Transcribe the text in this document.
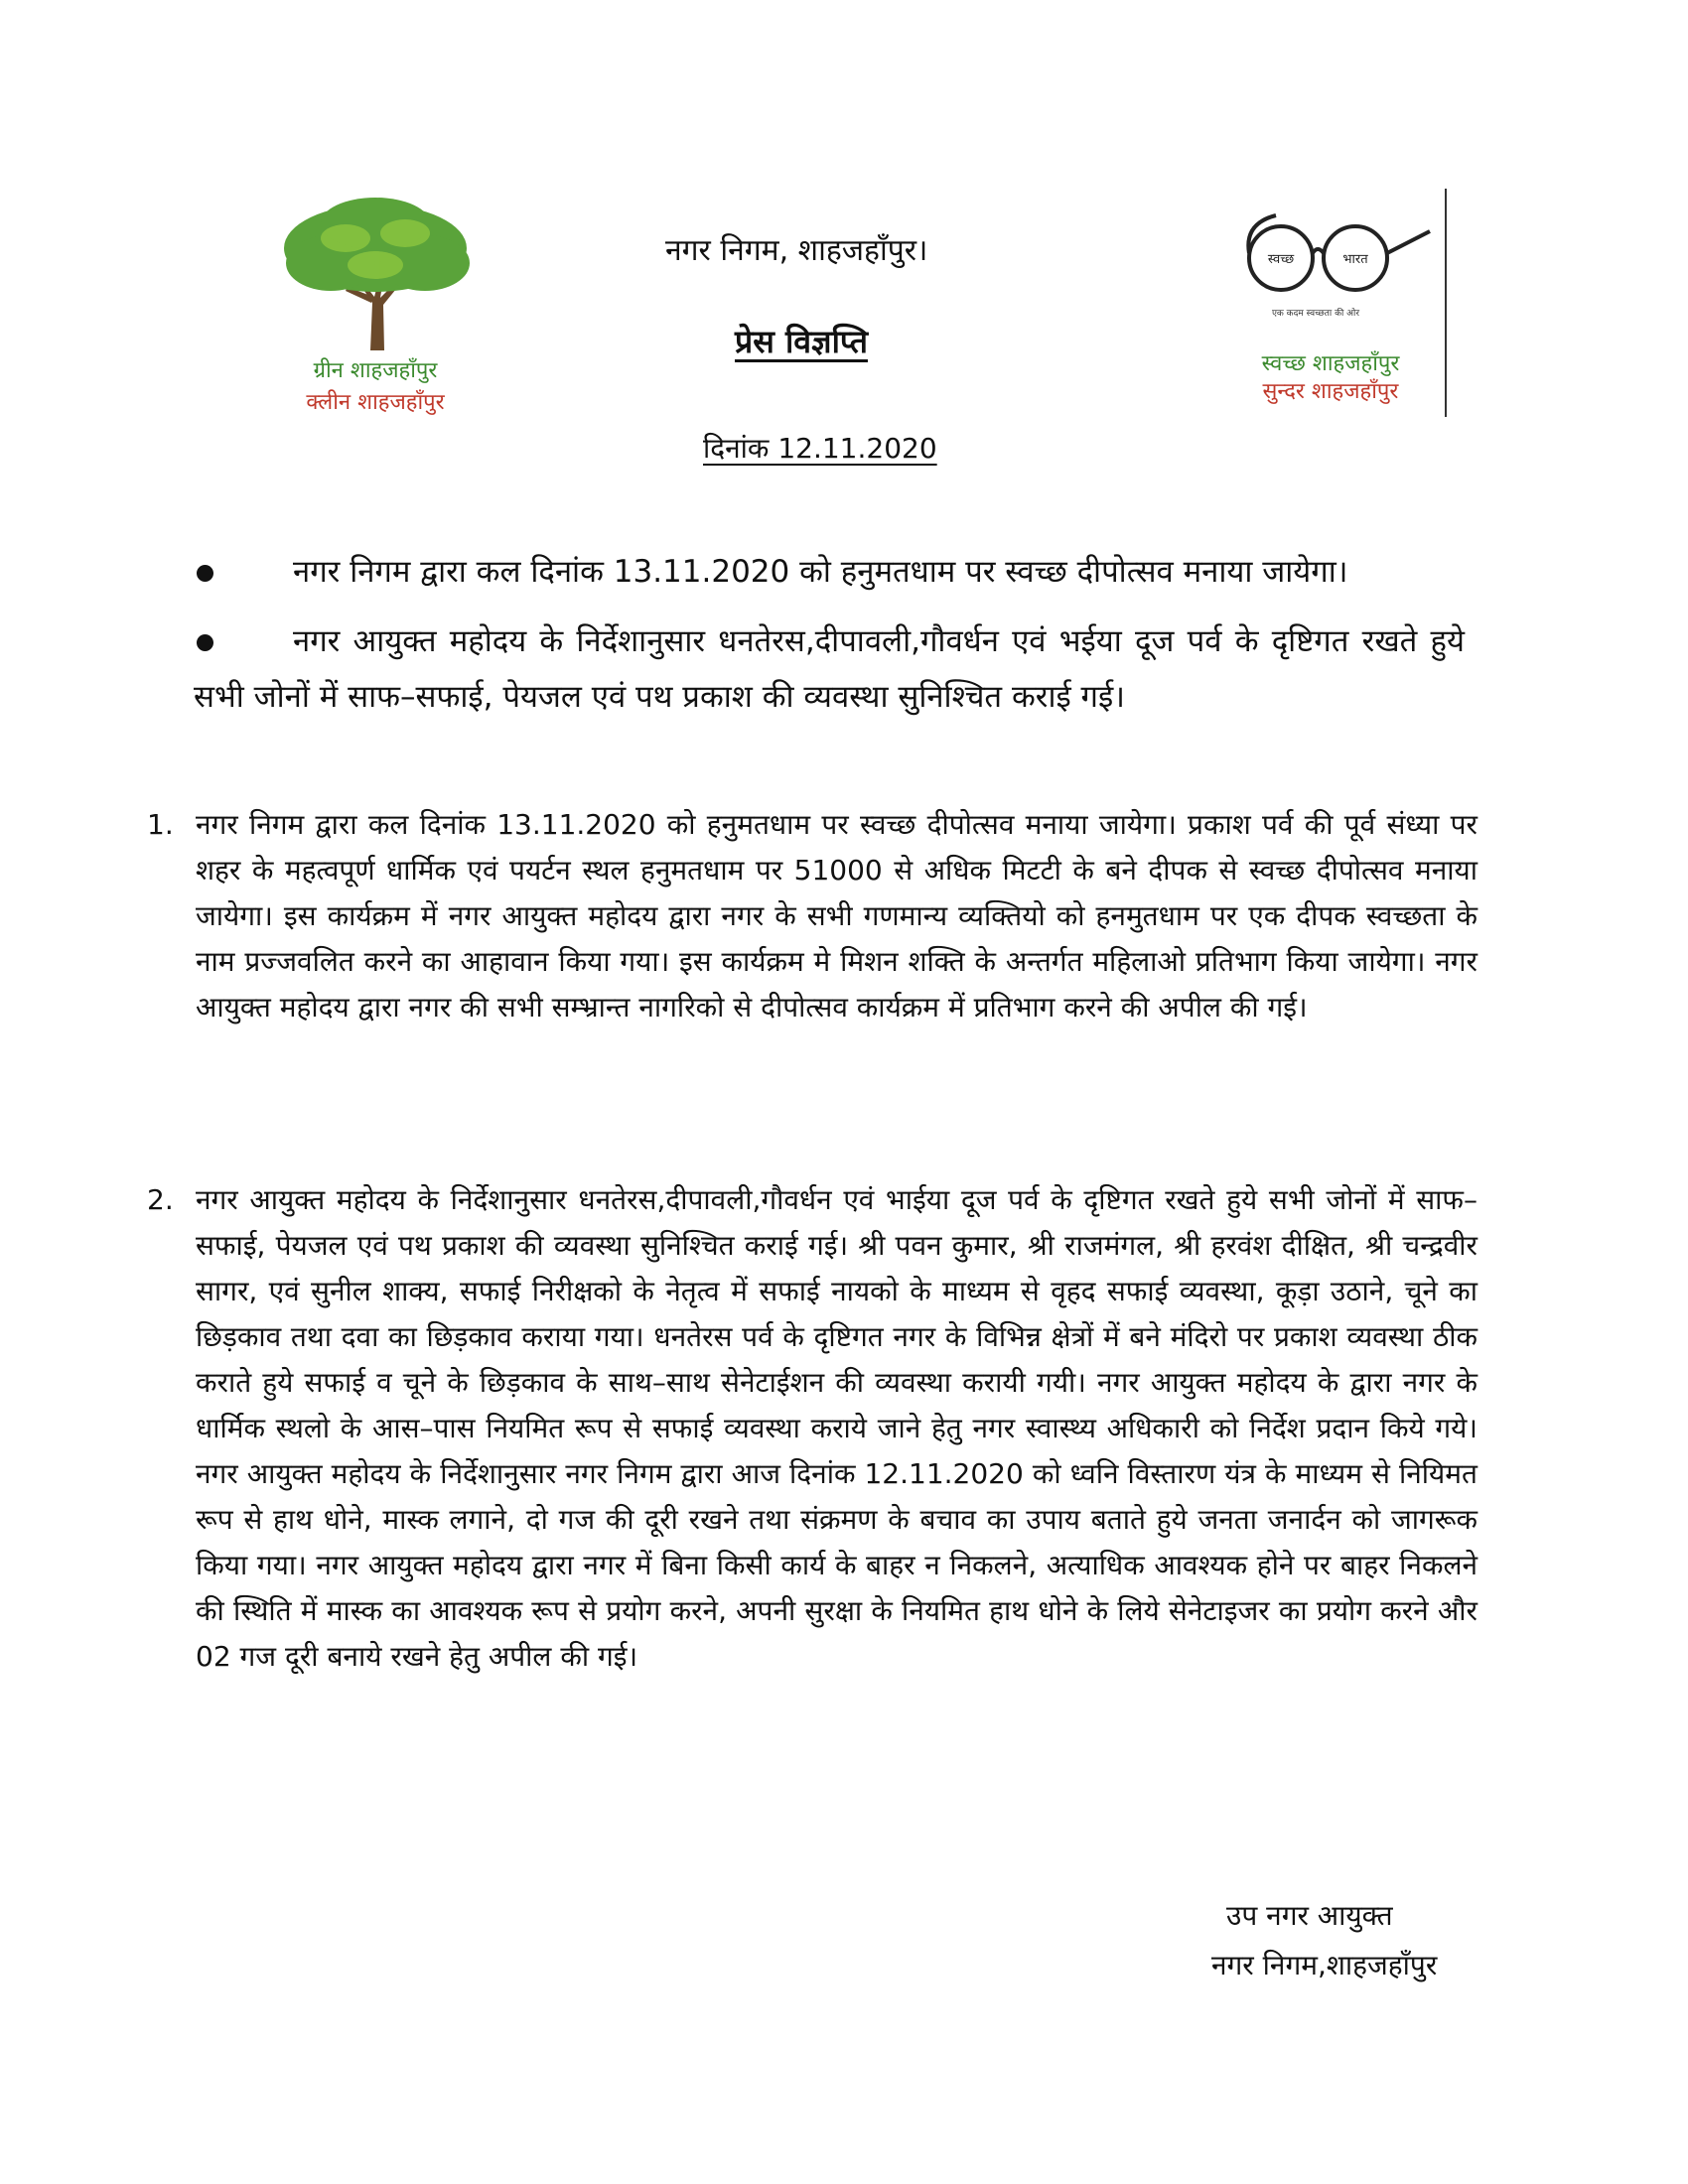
ग्रीन शाहजहाँपुर
क्लीन शाहजहाँपुर
नगर निगम, शाहजहाँपुर।
प्रेस विज्ञप्ति
दिनांक 12.11.2020
स्वच्छ	भारत
एक कदम स्वच्छता की ओर
स्वच्छ शाहजहाँपुर
सुन्दर शाहजहाँपुर

नगर निगम द्वारा कल दिनांक 13.11.2020 को हनुमतधाम पर स्वच्छ दीपोत्सव मनाया जायेगा।

नगर आयुक्त महोदय के निर्देशानुसार धनतेरस,दीपावली,गौवर्धन एवं भईया दूज पर्व के दृष्टिगत रखते हुये सभी जोनों में साफ–सफाई, पेयजल एवं पथ प्रकाश की व्यवस्था सुनिश्चित कराई गई।

1. नगर निगम द्वारा कल दिनांक 13.11.2020 को हनुमतधाम पर स्वच्छ दीपोत्सव मनाया जायेगा। प्रकाश पर्व की पूर्व संध्या पर शहर के महत्वपूर्ण धार्मिक एवं पयर्टन स्थल हनुमतधाम पर 51000 से अधिक मिटटी के बने दीपक से स्वच्छ दीपोत्सव मनाया जायेगा। इस कार्यक्रम में नगर आयुक्त महोदय द्वारा नगर के सभी गणमान्य व्यक्तियो को हनमुतधाम पर एक दीपक स्वच्छता के नाम प्रज्जवलित करने का आहावान किया गया। इस कार्यक्रम मे मिशन शक्ति के अन्तर्गत महिलाओ प्रतिभाग किया जायेगा। नगर आयुक्त महोदय द्वारा नगर की सभी सम्भ्रान्त नागरिको से दीपोत्सव कार्यक्रम में प्रतिभाग करने की अपील की गई।
2. नगर आयुक्त महोदय के निर्देशानुसार धनतेरस,दीपावली,गौवर्धन एवं भाईया दूज पर्व के दृष्टिगत रखते हुये सभी जोनों में साफ–सफाई, पेयजल एवं पथ प्रकाश की व्यवस्था सुनिश्चित कराई गई। श्री पवन कुमार, श्री राजमंगल, श्री हरवंश दीक्षित, श्री चन्द्रवीर सागर, एवं सुनील शाक्य, सफाई निरीक्षको के नेतृत्व में सफाई नायको के माध्यम से वृहद सफाई व्यवस्था, कूड़ा उठाने, चूने का छिड़काव तथा दवा का छिड़काव कराया गया। धनतेरस पर्व के दृष्टिगत नगर के विभिन्न क्षेत्रों में बने मंदिरो पर प्रकाश व्यवस्था ठीक कराते हुये सफाई व चूने के छिड़काव के साथ–साथ सेनेटाईशन की व्यवस्था करायी गयी। नगर आयुक्त महोदय के द्वारा नगर के धार्मिक स्थलो के आस–पास नियमित रूप से सफाई व्यवस्था कराये जाने हेतु नगर स्वास्थ्य अधिकारी को निर्देश प्रदान किये गये। नगर आयुक्त महोदय के निर्देशानुसार नगर निगम द्वारा आज दिनांक 12.11.2020 को ध्वनि विस्तारण यंत्र के माध्यम से नियिमत रूप से हाथ धोने, मास्क लगाने, दो गज की दूरी रखने तथा संक्रमण के बचाव का उपाय बताते हुये जनता जनार्दन को जागरूक किया गया। नगर आयुक्त महोदय द्वारा नगर में बिना किसी कार्य के बाहर न निकलने, अत्याधिक आवश्यक होने पर बाहर निकलने की स्थिति में मास्क का आवश्यक रूप से प्रयोग करने, अपनी सुरक्षा के नियमित हाथ धोने के लिये सेनेटाइजर का प्रयोग करने और 02 गज दूरी बनाये रखने हेतु अपील की गई।
उप नगर आयुक्त
नगर निगम,शाहजहाँपुर
